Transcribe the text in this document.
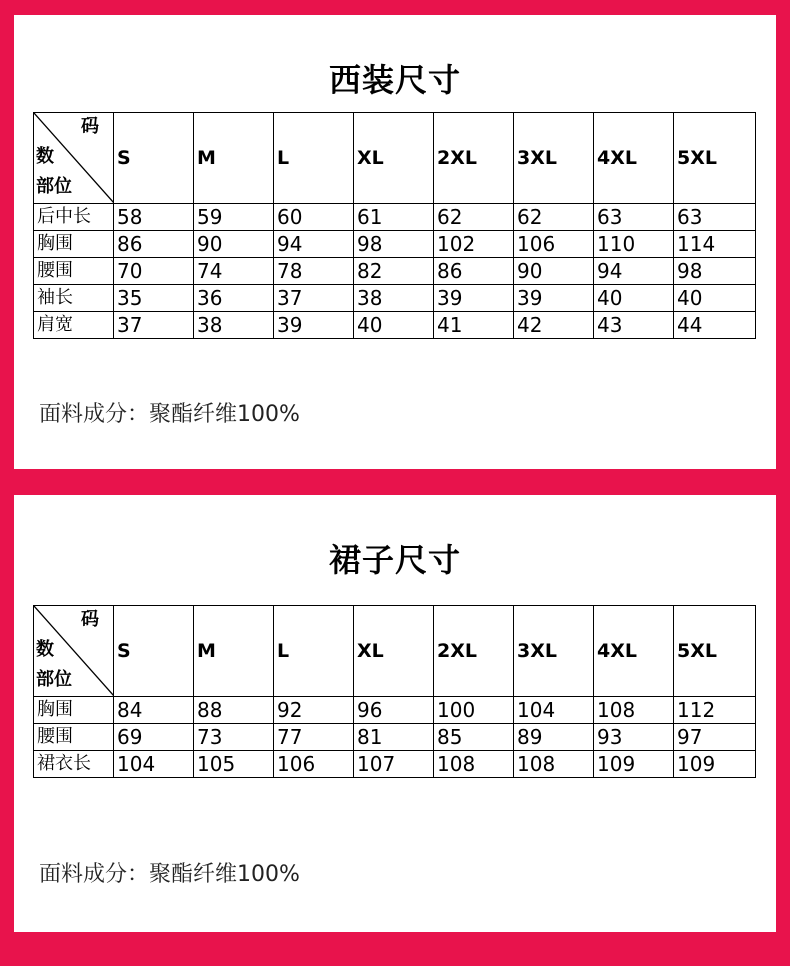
西装尺寸
码
数
部位	S	M	L	XL	2XL	3XL	4XL	5XL
后中长	58	59	60	61	62	62	63	63
胸围	86	90	94	98	102	106	110	114
腰围	70	74	78	82	86	90	94	98
袖长	35	36	37	38	39	39	40	40
肩宽	37	38	39	40	41	42	43	44
面料成分：聚酯纤维100%
裙子尺寸
码
数
部位	S	M	L	XL	2XL	3XL	4XL	5XL
胸围	84	88	92	96	100	104	108	112
腰围	69	73	77	81	85	89	93	97
裙衣长	104	105	106	107	108	108	109	109
面料成分：聚酯纤维100%
